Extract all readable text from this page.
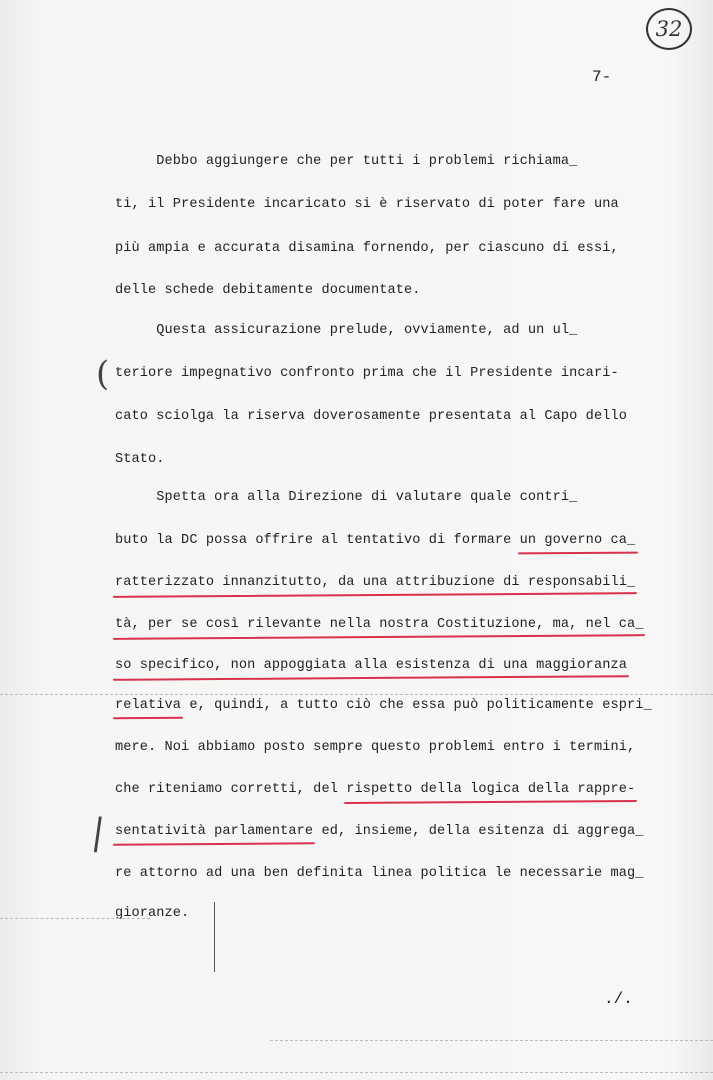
32
7-
Debbo aggiungere che per tutti i problemi richiama_
ti, il Presidente incaricato si è riservato di poter fare una
più ampia e accurata disamina fornendo, per ciascuno di essi,
delle schede debitamente documentate.
Questa assicurazione prelude, ovviamente, ad un ul_
teriore impegnativo confronto prima che il Presidente incari-
cato sciolga la riserva doverosamente presentata al Capo dello
Stato.
Spetta ora alla Direzione di valutare quale contri_
buto la DC possa offrire al tentativo di formare un governo ca_
ratterizzato innanzitutto, da una attribuzione di responsabili_
tà, per se così rilevante nella nostra Costituzione, ma, nel ca_
so specifico, non appoggiata alla esistenza di una maggioranza
relativa e, quindi, a tutto ciò che essa può politicamente espri_
mere. Noi abbiamo posto sempre questo problemi entro i termini,
che riteniamo corretti, del rispetto della logica della rappre-
sentatività parlamentare ed, insieme, della esitenza di aggrega_
re attorno ad una ben definita linea politica le necessarie mag_
gioranze.
(
|
./.
